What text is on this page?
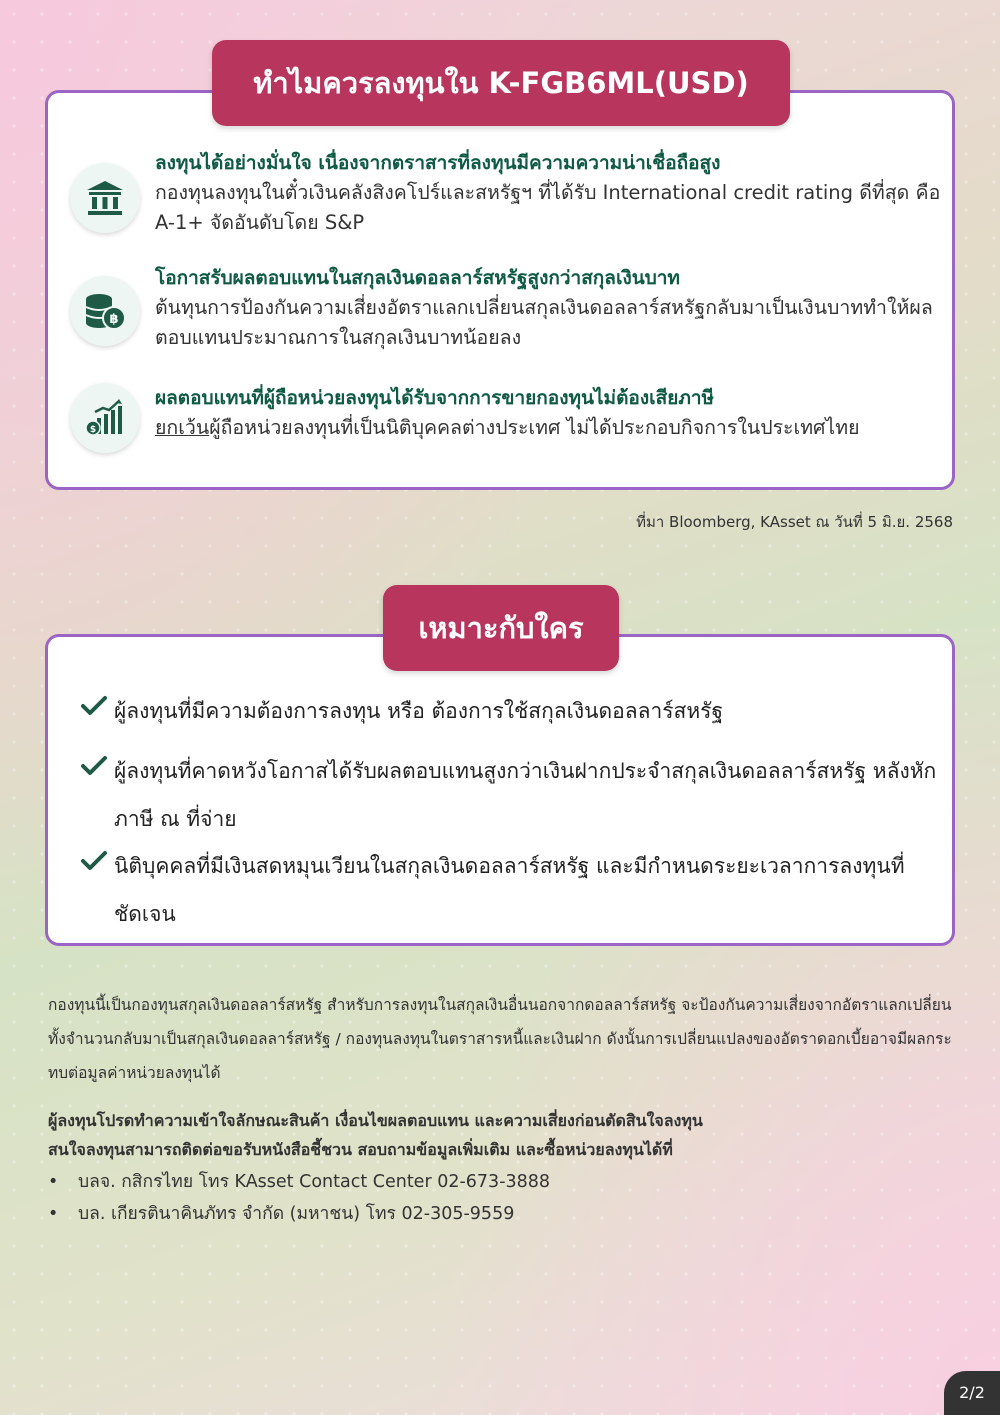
ลงทุนได้อย่างมั่นใจ เนื่องจากตราสารที่ลงทุนมีความความน่าเชื่อถือสูง
กองทุนลงทุนในตั๋วเงินคลังสิงคโปร์และสหรัฐฯ ที่ได้รับ International credit rating ดีที่สุด คือ A-1+ จัดอันดับโดย S&P
฿
โอกาสรับผลตอบแทนในสกุลเงินดอลลาร์สหรัฐสูงกว่าสกุลเงินบาท
ต้นทุนการป้องกันความเสี่ยงอัตราแลกเปลี่ยนสกุลเงินดอลลาร์สหรัฐกลับมาเป็นเงินบาททำให้ผลตอบแทนประมาณการในสกุลเงินบาทน้อยลง
$
ผลตอบแทนที่ผู้ถือหน่วยลงทุนได้รับจากการขายกองทุนไม่ต้องเสียภาษี
ยกเว้นผู้ถือหน่วยลงทุนที่เป็นนิติบุคคลต่างประเทศ ไม่ได้ประกอบกิจการในประเทศไทย
ทำไมควรลงทุนใน K-FGB6ML(USD)
ที่มา Bloomberg, KAsset ณ วันที่ 5 มิ.ย. 2568
ผู้ลงทุนที่มีความต้องการลงทุน หรือ ต้องการใช้สกุลเงินดอลลาร์สหรัฐ
ผู้ลงทุนที่คาดหวังโอกาสได้รับผลตอบแทนสูงกว่าเงินฝากประจำสกุลเงินดอลลาร์สหรัฐ หลังหักภาษี ณ ที่จ่าย
นิติบุคคลที่มีเงินสดหมุนเวียนในสกุลเงินดอลลาร์สหรัฐ และมีกำหนดระยะเวลาการลงทุนที่ชัดเจน
เหมาะกับใคร
กองทุนนี้เป็นกองทุนสกุลเงินดอลลาร์สหรัฐ สำหรับการลงทุนในสกุลเงินอื่นนอกจากดอลลาร์สหรัฐ จะป้องกันความเสี่ยงจากอัตราแลกเปลี่ยนทั้งจำนวนกลับมาเป็นสกุลเงินดอลลาร์สหรัฐ / กองทุนลงทุนในตราสารหนี้และเงินฝาก ดังนั้นการเปลี่ยนแปลงของอัตราดอกเบี้ยอาจมีผลกระทบต่อมูลค่าหน่วยลงทุนได้
ผู้ลงทุนโปรดทำความเข้าใจลักษณะสินค้า เงื่อนไขผลตอบแทน และความเสี่ยงก่อนตัดสินใจลงทุน
สนใจลงทุนสามารถติดต่อขอรับหนังสือชี้ชวน สอบถามข้อมูลเพิ่มเติม และซื้อหน่วยลงทุนได้ที่
• บลจ. กสิกรไทย โทร KAsset Contact Center 02-673-3888
• บล. เกียรตินาคินภัทร จำกัด (มหาชน) โทร 02-305-9559
2/2
